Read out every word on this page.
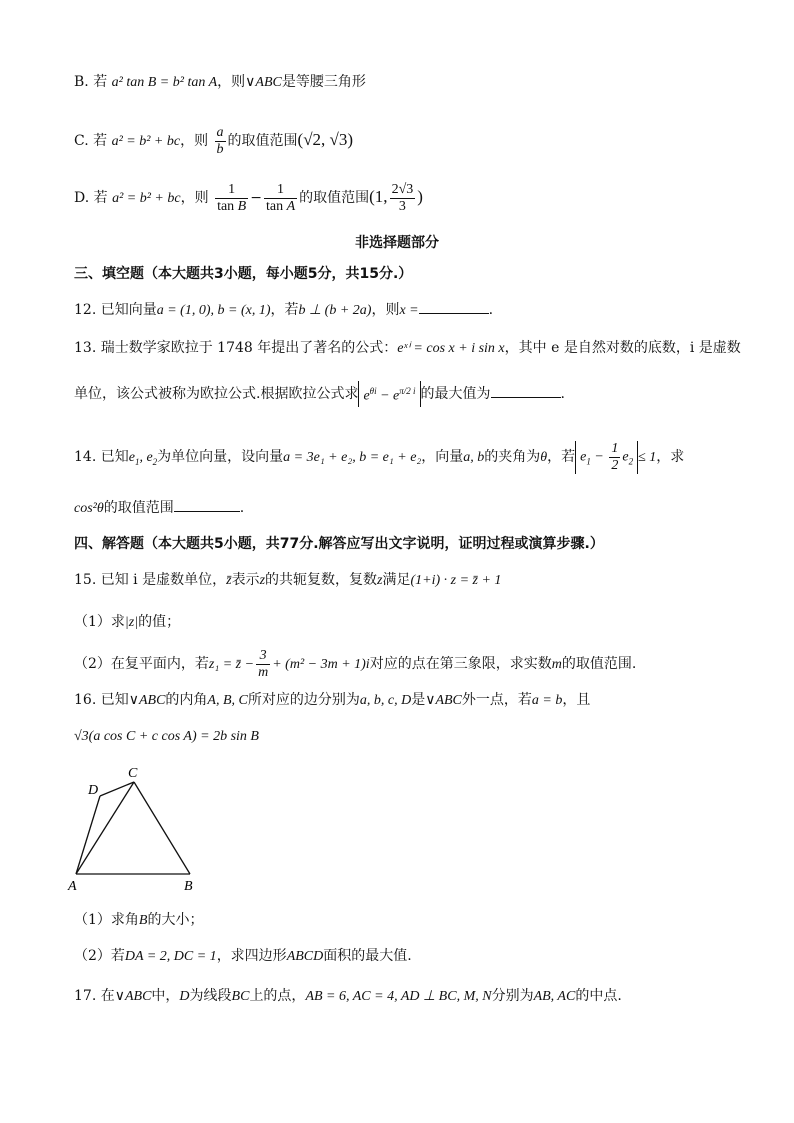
B. 若 a² tan B = b² tan A，则∨ABC是等腰三角形
C. 若 a² = b² + bc，则 $\frac{a}{b}$ 的取值范围(√2, √3)
D. 若 a² = b² + bc，则 $\frac{1}{\text{tan B}} - \frac{1}{\text{tan A}}$ 的取值范围(1, $\frac{2√3}{3}$ )
非选择题部分
三、填空题（本大题共3小题，每小题5分，共15分.）
12. 已知向量a = (1, 0), b = (x, 1)，若b ⊥ (b + 2a)，则x =	.
13. 瑞士数学家欧拉于 1748 年提出了著名的公式：eˣⁱ = cos x + i sin x，其中 e 是自然对数的底数，i 是虚数
单位，该公式被称为欧拉公式.根据欧拉公式求 $e^{\theta i} - e^{\pi/2 i}$ 的最大值为	.
14. 已知$e_1$, $e_2$为单位向量，设向量a = 3e₁ + e₂, b = e₁ + e₂，向量a, b的夹角为θ，若 $e_1 - \frac{1}{2} e_2 \le 1$，求
cos²θ的取值范围	.
四、解答题（本大题共5小题，共77分.解答应写出文字说明，证明过程或演算步骤.）
15. 已知 i 是虚数单位，z̄表示z的共轭复数，复数z满足(1+i) · z = z̄ + 1
（1）求|z|的值；
（2）在复平面内，若z₁ = z̄ − $\frac{3}{m} + (m^2 - 3m + 1)i$对应的点在第三象限，求实数m的取值范围.
16. 已知∨ABC的内角A, B, C所对应的边分别为a, b, c, D是∨ABC外一点，若a = b，且
√3(a cos C + c cos A) = 2b sin B
A	B
C
D
（1）求角B的大小；
（2）若DA = 2, DC = 1，求四边形ABCD面积的最大值.
17. 在∨ABC中，D为线段BC上的点，AB = 6, AC = 4, AD ⊥ BC, M, N分别为AB, AC的中点.
